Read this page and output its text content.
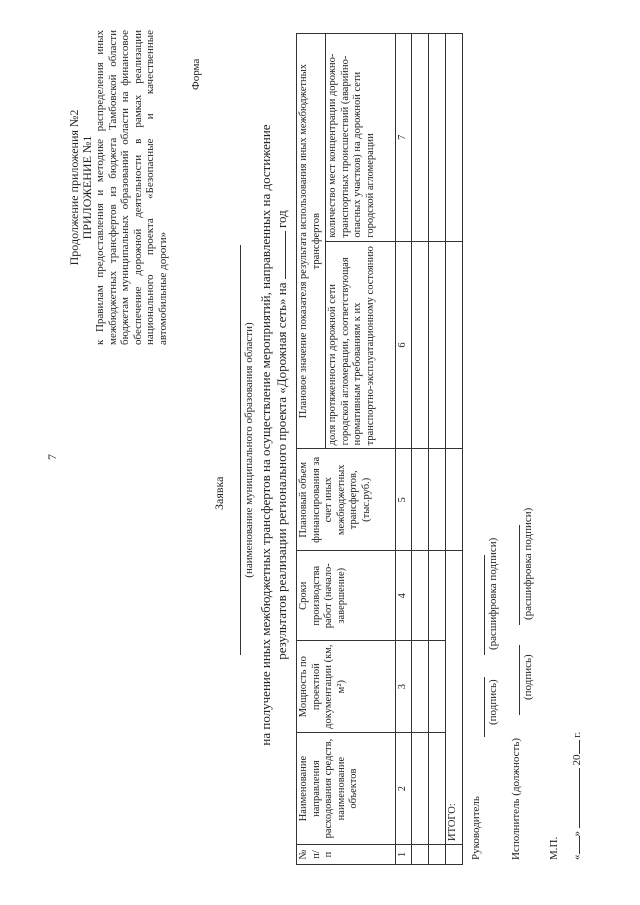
7
Продолжение приложения №2 ПРИЛОЖЕНИЕ №1 к Правилам предоставления и методике распределения иных межбюджетных трансфертов из бюджета Тамбовской области бюджетам муниципальных образований области на финансовое обеспечение дорожной деятельности в рамках реализации национального проекта «Безопасные и качественные автомобильные дороги»
Форма
Заявка (наименование муниципального образования области) на получение иных межбюджетных трансфертов на осуществление мероприятий, направленных на достижение результатов реализации регионального проекта «Дорожная сеть» на  год
№ п/п	Наименование направления расходования средств, наименование объектов	Мощность по проектной документации (км, м²)	Сроки производства работ (начало-завершение)	Плановый объем финансирования за счет иных межбюджетных трансфертов, (тыс.руб.)	Плановое значение показателя результата использования иных межбюджетных трансфертов	
					доля протяженности дорожной сети городской агломерации, соответствующая нормативным требованиям к их транспортно-эксплуатационному состоянию	количество мест концентрации дорожно-транспортных происшествий (аварийно-опасных участков) на дорожной сети городской агломерации
1	2	3	4	5	6	7

	ИТОГО:					Руководитель
(подпись)
(расшифровка подписи)
Исполнитель (должность)
(подпись)
(расшифровка подписи)
М.П. «»  20 г.
